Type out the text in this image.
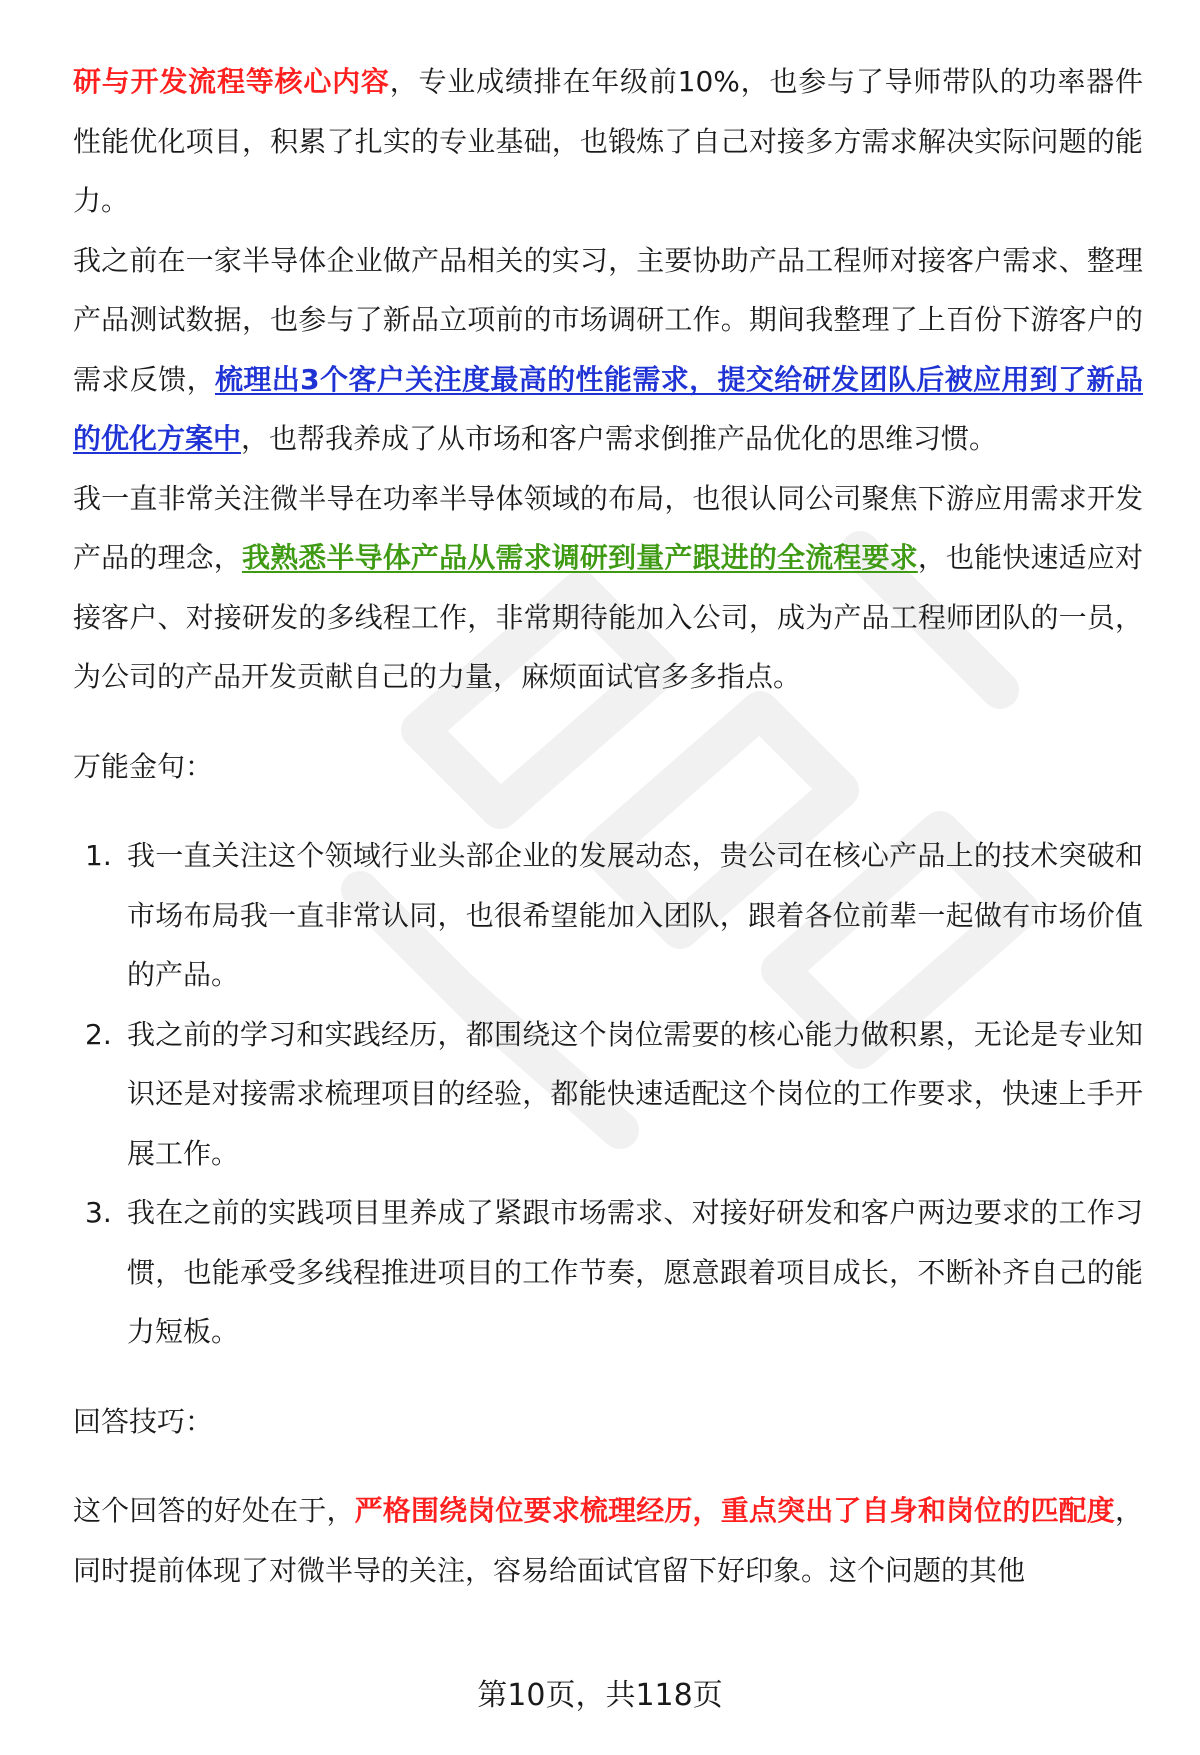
研与开发流程等核心内容，专业成绩排在年级前10%，也参与了导师带队的功率器件性能优化项目，积累了扎实的专业基础，也锻炼了自己对接多方需求解决实际问题的能力。

我之前在一家半导体企业做产品相关的实习，主要协助产品工程师对接客户需求、整理产品测试数据，也参与了新品立项前的市场调研工作。期间我整理了上百份下游客户的需求反馈，梳理出3个客户关注度最高的性能需求，提交给研发团队后被应用到了新品的优化方案中，也帮我养成了从市场和客户需求倒推产品优化的思维习惯。

我一直非常关注微半导在功率半导体领域的布局，也很认同公司聚焦下游应用需求开发产品的理念，我熟悉半导体产品从需求调研到量产跟进的全流程要求，也能快速适应对接客户、对接研发的多线程工作，非常期待能加入公司，成为产品工程师团队的一员，为公司的产品开发贡献自己的力量，麻烦面试官多多指点。

万能金句：

1. 我一直关注这个领域行业头部企业的发展动态，贵公司在核心产品上的技术突破和市场布局我一直非常认同，也很希望能加入团队，跟着各位前辈一起做有市场价值的产品。
2. 我之前的学习和实践经历，都围绕这个岗位需要的核心能力做积累，无论是专业知识还是对接需求梳理项目的经验，都能快速适配这个岗位的工作要求，快速上手开展工作。
3. 我在之前的实践项目里养成了紧跟市场需求、对接好研发和客户两边要求的工作习惯，也能承受多线程推进项目的工作节奏，愿意跟着项目成长，不断补齐自己的能力短板。

回答技巧：

这个回答的好处在于，严格围绕岗位要求梳理经历，重点突出了自身和岗位的匹配度，同时提前体现了对微半导的关注，容易给面试官留下好印象。这个问题的其他

第10页，共118页
